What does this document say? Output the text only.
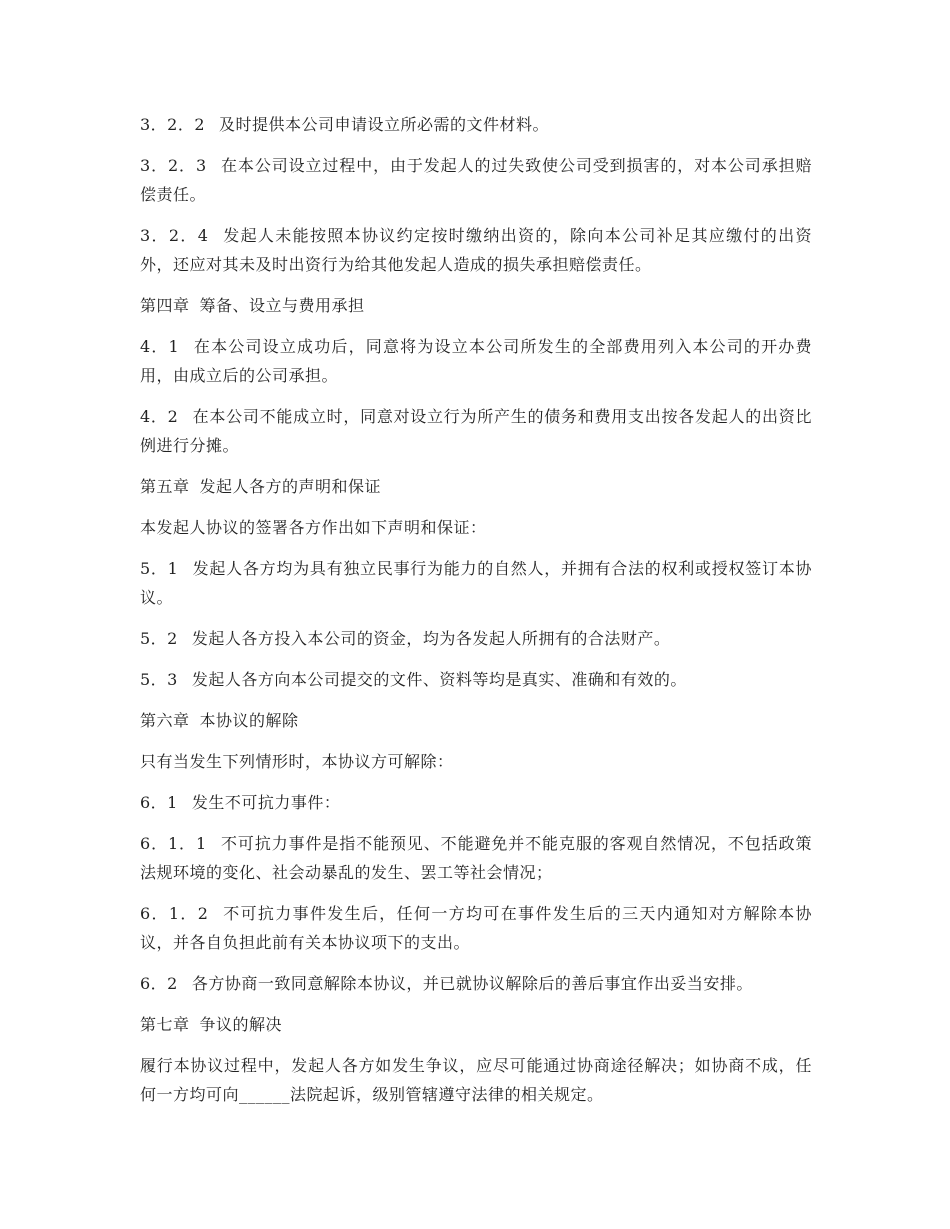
3．2．2 及时提供本公司申请设立所必需的文件材料。

3．2．3 在本公司设立过程中，由于发起人的过失致使公司受到损害的，对本公司承担赔偿责任。

3．2．4 发起人未能按照本协议约定按时缴纳出资的，除向本公司补足其应缴付的出资外，还应对其未及时出资行为给其他发起人造成的损失承担赔偿责任。

第四章 筹备、设立与费用承担

4．1 在本公司设立成功后，同意将为设立本公司所发生的全部费用列入本公司的开办费用，由成立后的公司承担。

4．2 在本公司不能成立时，同意对设立行为所产生的债务和费用支出按各发起人的出资比例进行分摊。

第五章 发起人各方的声明和保证

本发起人协议的签署各方作出如下声明和保证：

5．1 发起人各方均为具有独立民事行为能力的自然人，并拥有合法的权利或授权签订本协议。

5．2 发起人各方投入本公司的资金，均为各发起人所拥有的合法财产。

5．3 发起人各方向本公司提交的文件、资料等均是真实、准确和有效的。

第六章 本协议的解除

只有当发生下列情形时，本协议方可解除：

6．1 发生不可抗力事件：

6．1．1 不可抗力事件是指不能预见、不能避免并不能克服的客观自然情况，不包括政策法规环境的变化、社会动暴乱的发生、罢工等社会情况；

6．1．2 不可抗力事件发生后，任何一方均可在事件发生后的三天内通知对方解除本协议，并各自负担此前有关本协议项下的支出。

6．2 各方协商一致同意解除本协议，并已就协议解除后的善后事宜作出妥当安排。

第七章 争议的解决

履行本协议过程中，发起人各方如发生争议，应尽可能通过协商途径解决；如协商不成，任何一方均可向______法院起诉，级别管辖遵守法律的相关规定。
